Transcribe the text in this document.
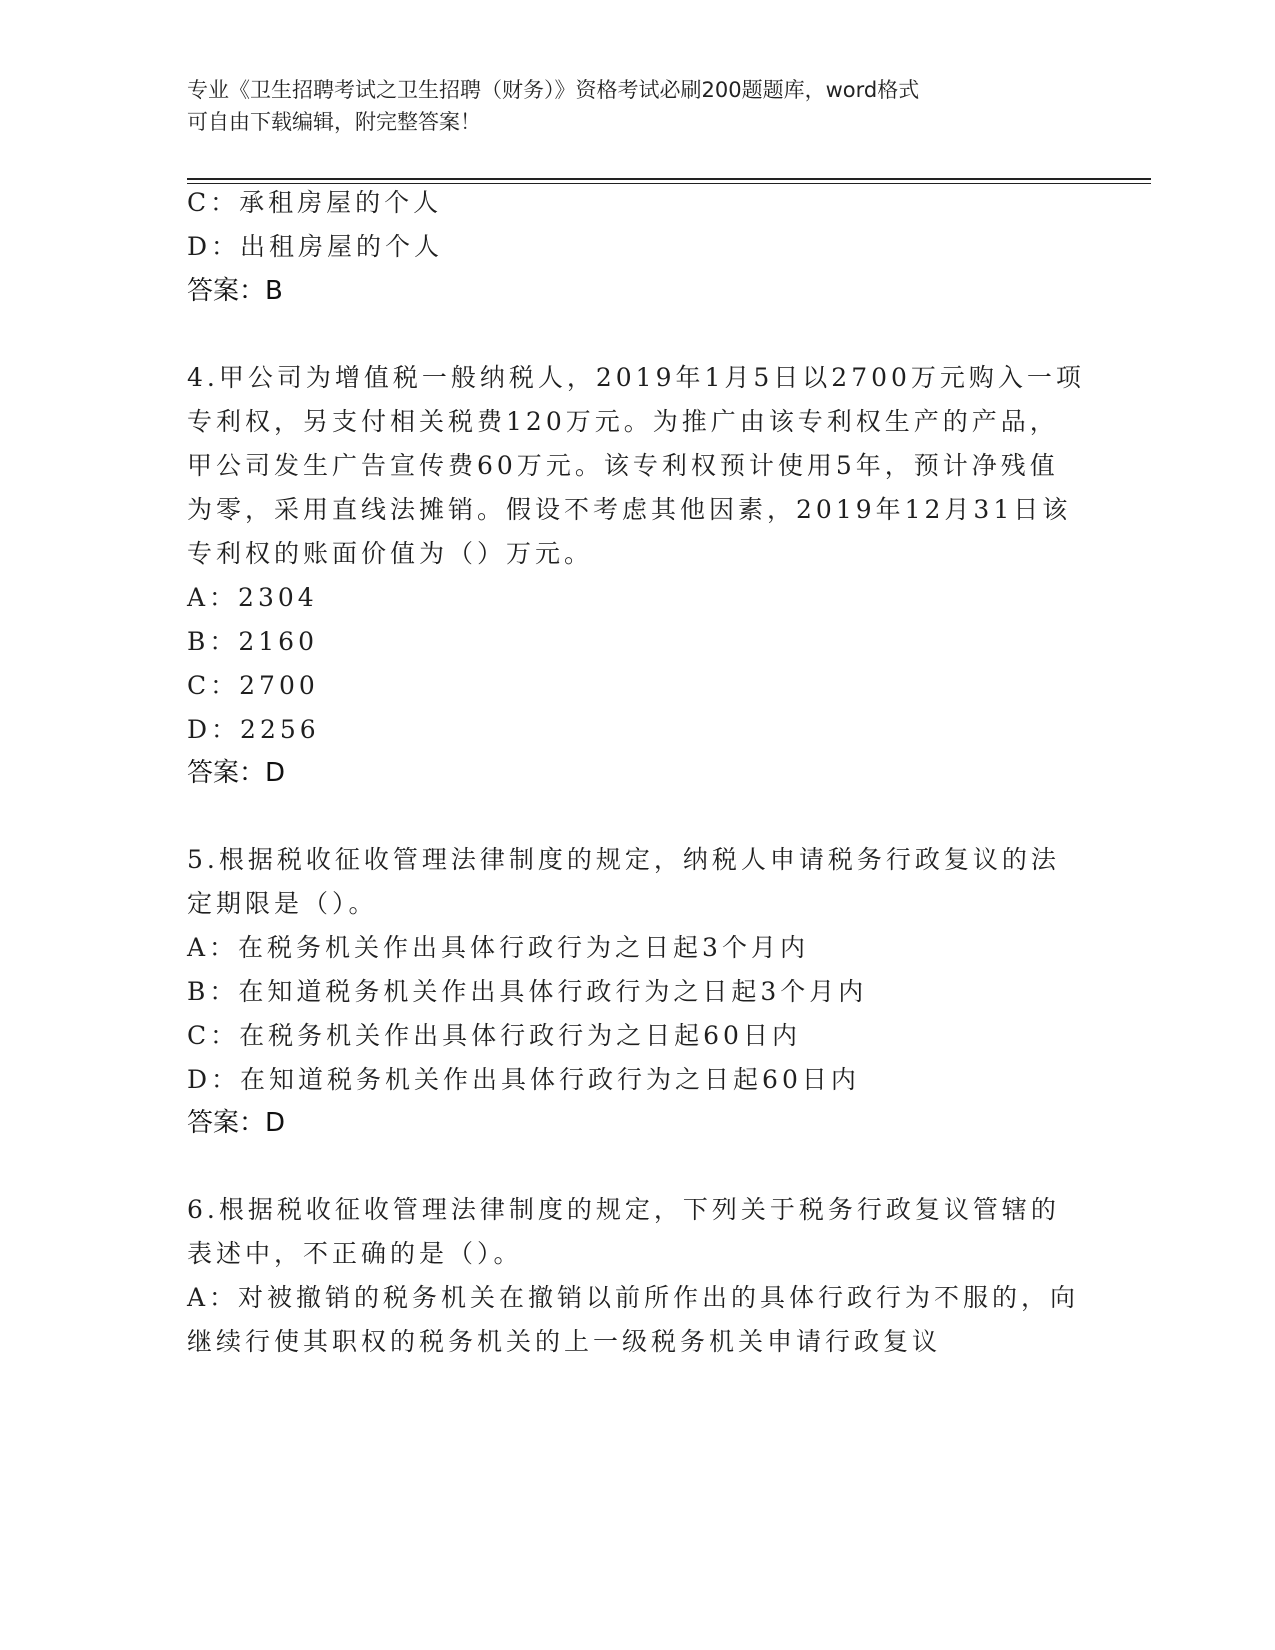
专业《卫生招聘考试之卫生招聘（财务）》资格考试必刷200题题库，word格式
可自由下载编辑，附完整答案！
C：承租房屋的个人
D：出租房屋的个人
答案：B
4.甲公司为增值税一般纳税人，2019年1月5日以2700万元购入一项
专利权，另支付相关税费120万元。为推广由该专利权生产的产品，
甲公司发生广告宣传费60万元。该专利权预计使用5年，预计净残值
为零，采用直线法摊销。假设不考虑其他因素，2019年12月31日该
专利权的账面价值为（）万元。
A：2304
B：2160
C：2700
D：2256
答案：D
5.根据税收征收管理法律制度的规定，纳税人申请税务行政复议的法
定期限是（）。
A：在税务机关作出具体行政行为之日起3个月内
B：在知道税务机关作出具体行政行为之日起3个月内
C：在税务机关作出具体行政行为之日起60日内
D：在知道税务机关作出具体行政行为之日起60日内
答案：D
6.根据税收征收管理法律制度的规定，下列关于税务行政复议管辖的
表述中，不正确的是（）。
A：对被撤销的税务机关在撤销以前所作出的具体行政行为不服的，向
继续行使其职权的税务机关的上一级税务机关申请行政复议
